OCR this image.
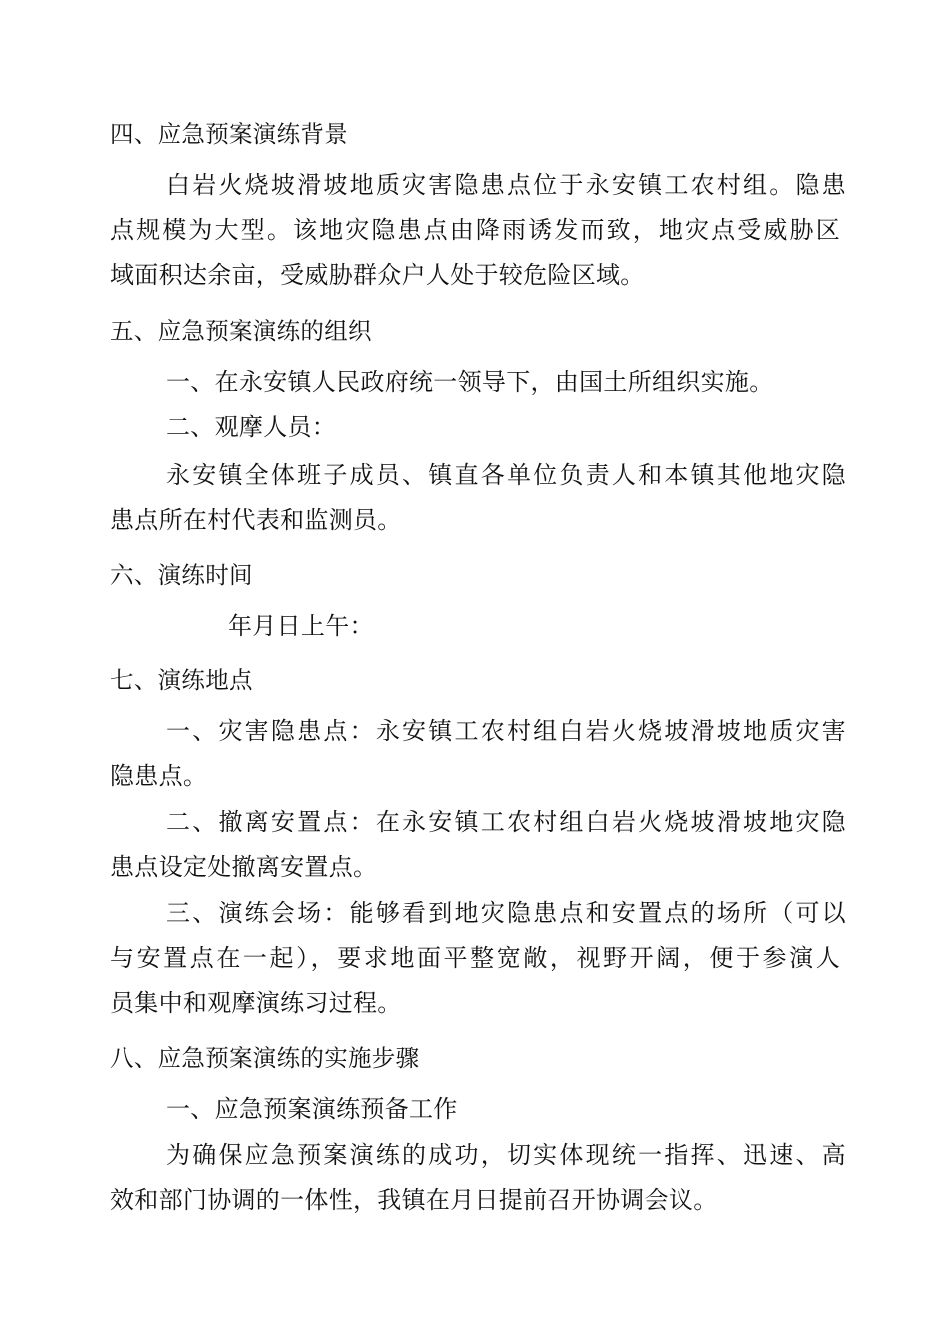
四、应急预案演练背景
白岩火烧坡滑坡地质灾害隐患点位于永安镇工农村组。隐患
点规模为大型。该地灾隐患点由降雨诱发而致，地灾点受威胁区
域面积达余亩，受威胁群众户人处于较危险区域。
五、应急预案演练的组织
一、在永安镇人民政府统一领导下，由国土所组织实施。
二、观摩人员：
永安镇全体班子成员、镇直各单位负责人和本镇其他地灾隐
患点所在村代表和监测员。
六、演练时间
年月日上午：
七、演练地点
一、灾害隐患点：永安镇工农村组白岩火烧坡滑坡地质灾害
隐患点。
二、撤离安置点：在永安镇工农村组白岩火烧坡滑坡地灾隐
患点设定处撤离安置点。
三、演练会场：能够看到地灾隐患点和安置点的场所（可以
与安置点在一起），要求地面平整宽敞，视野开阔，便于参演人
员集中和观摩演练习过程。
八、应急预案演练的实施步骤
一、应急预案演练预备工作
为确保应急预案演练的成功，切实体现统一指挥、迅速、高
效和部门协调的一体性，我镇在月日提前召开协调会议。
